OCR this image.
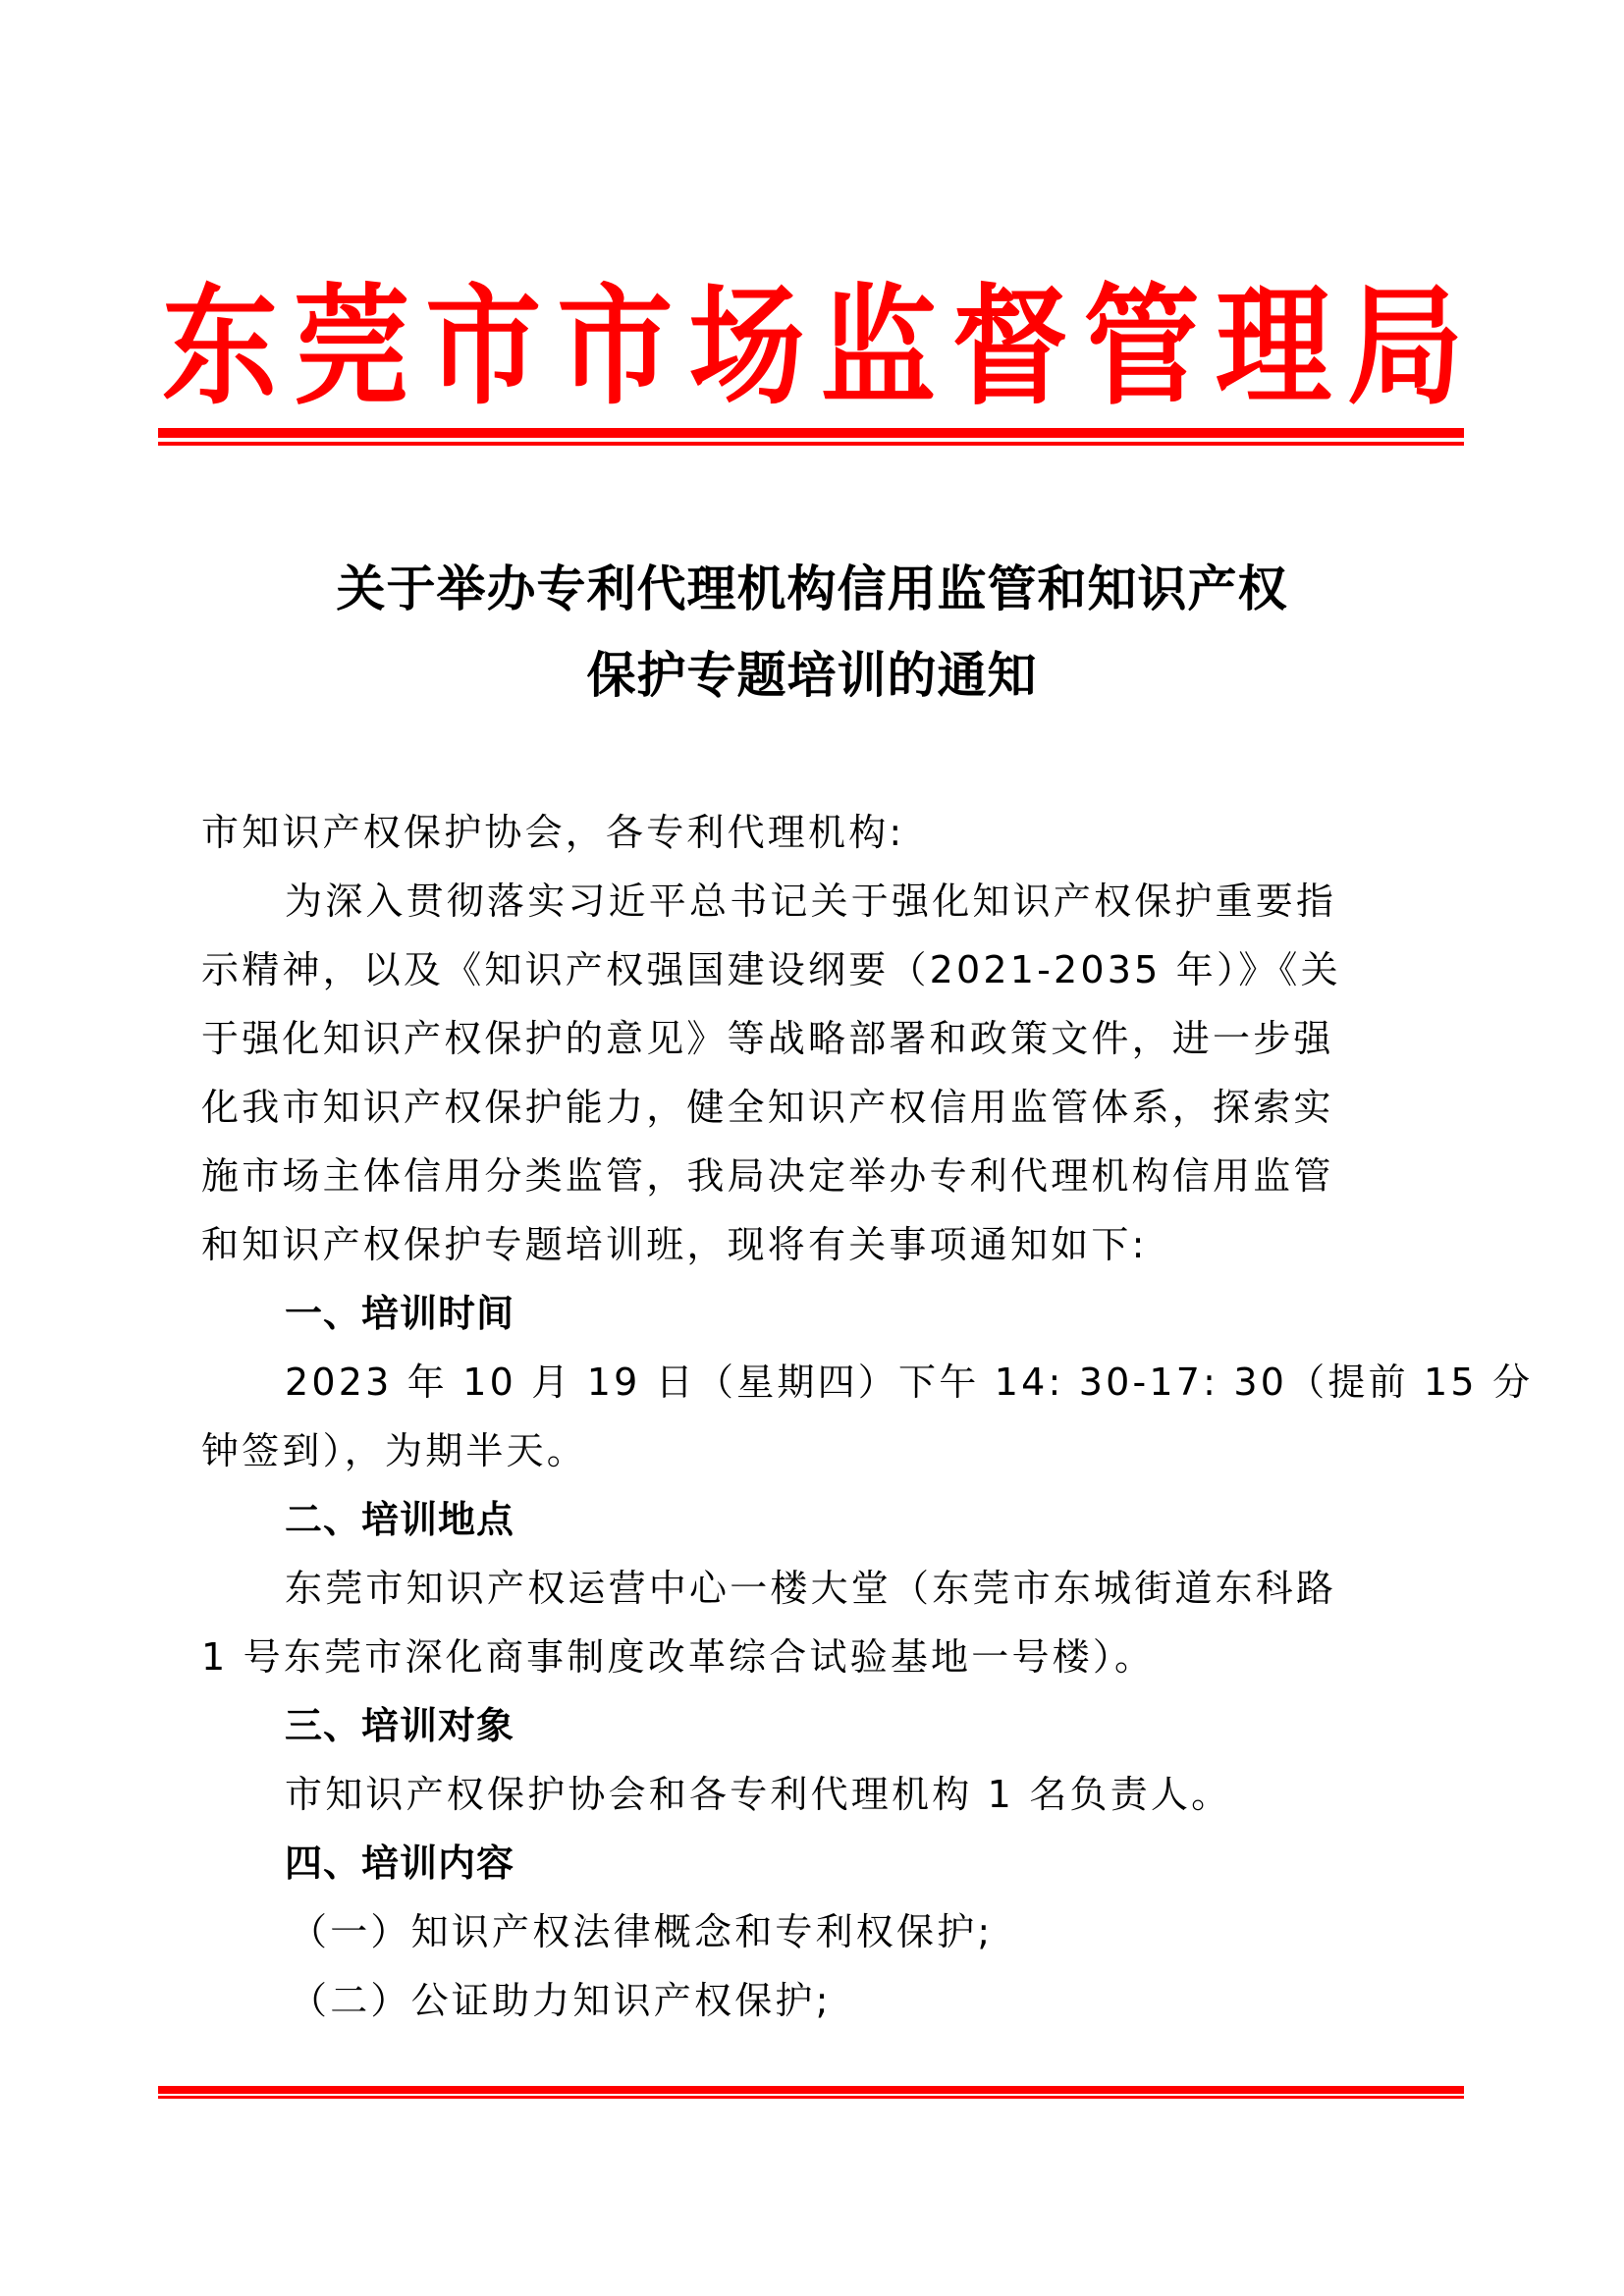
东 莞 市 市 场 监 督 管 理 局
关于举办专利代理机构信用监管和知识产权
保护专题培训的通知
市知识产权保护协会，各专利代理机构:
为深入贯彻落实习近平总书记关于强化知识产权保护重要指
示精神，以及《知识产权强国建设纲要（2021-2035 年）》《关
于强化知识产权保护的意见》等战略部署和政策文件，进一步强
化我市知识产权保护能力，健全知识产权信用监管体系，探索实
施市场主体信用分类监管，我局决定举办专利代理机构信用监管
和知识产权保护专题培训班，现将有关事项通知如下:
一、培训时间
2023 年 10 月 19 日（星期四）下午 14: 30-17: 30（提前 15 分
钟签到），为期半天。
二、培训地点
东莞市知识产权运营中心一楼大堂（东莞市东城街道东科路
1 号东莞市深化商事制度改革综合试验基地一号楼）。
三、培训对象
市知识产权保护协会和各专利代理机构 1 名负责人。
四、培训内容
（一）知识产权法律概念和专利权保护;
（二）公证助力知识产权保护;
